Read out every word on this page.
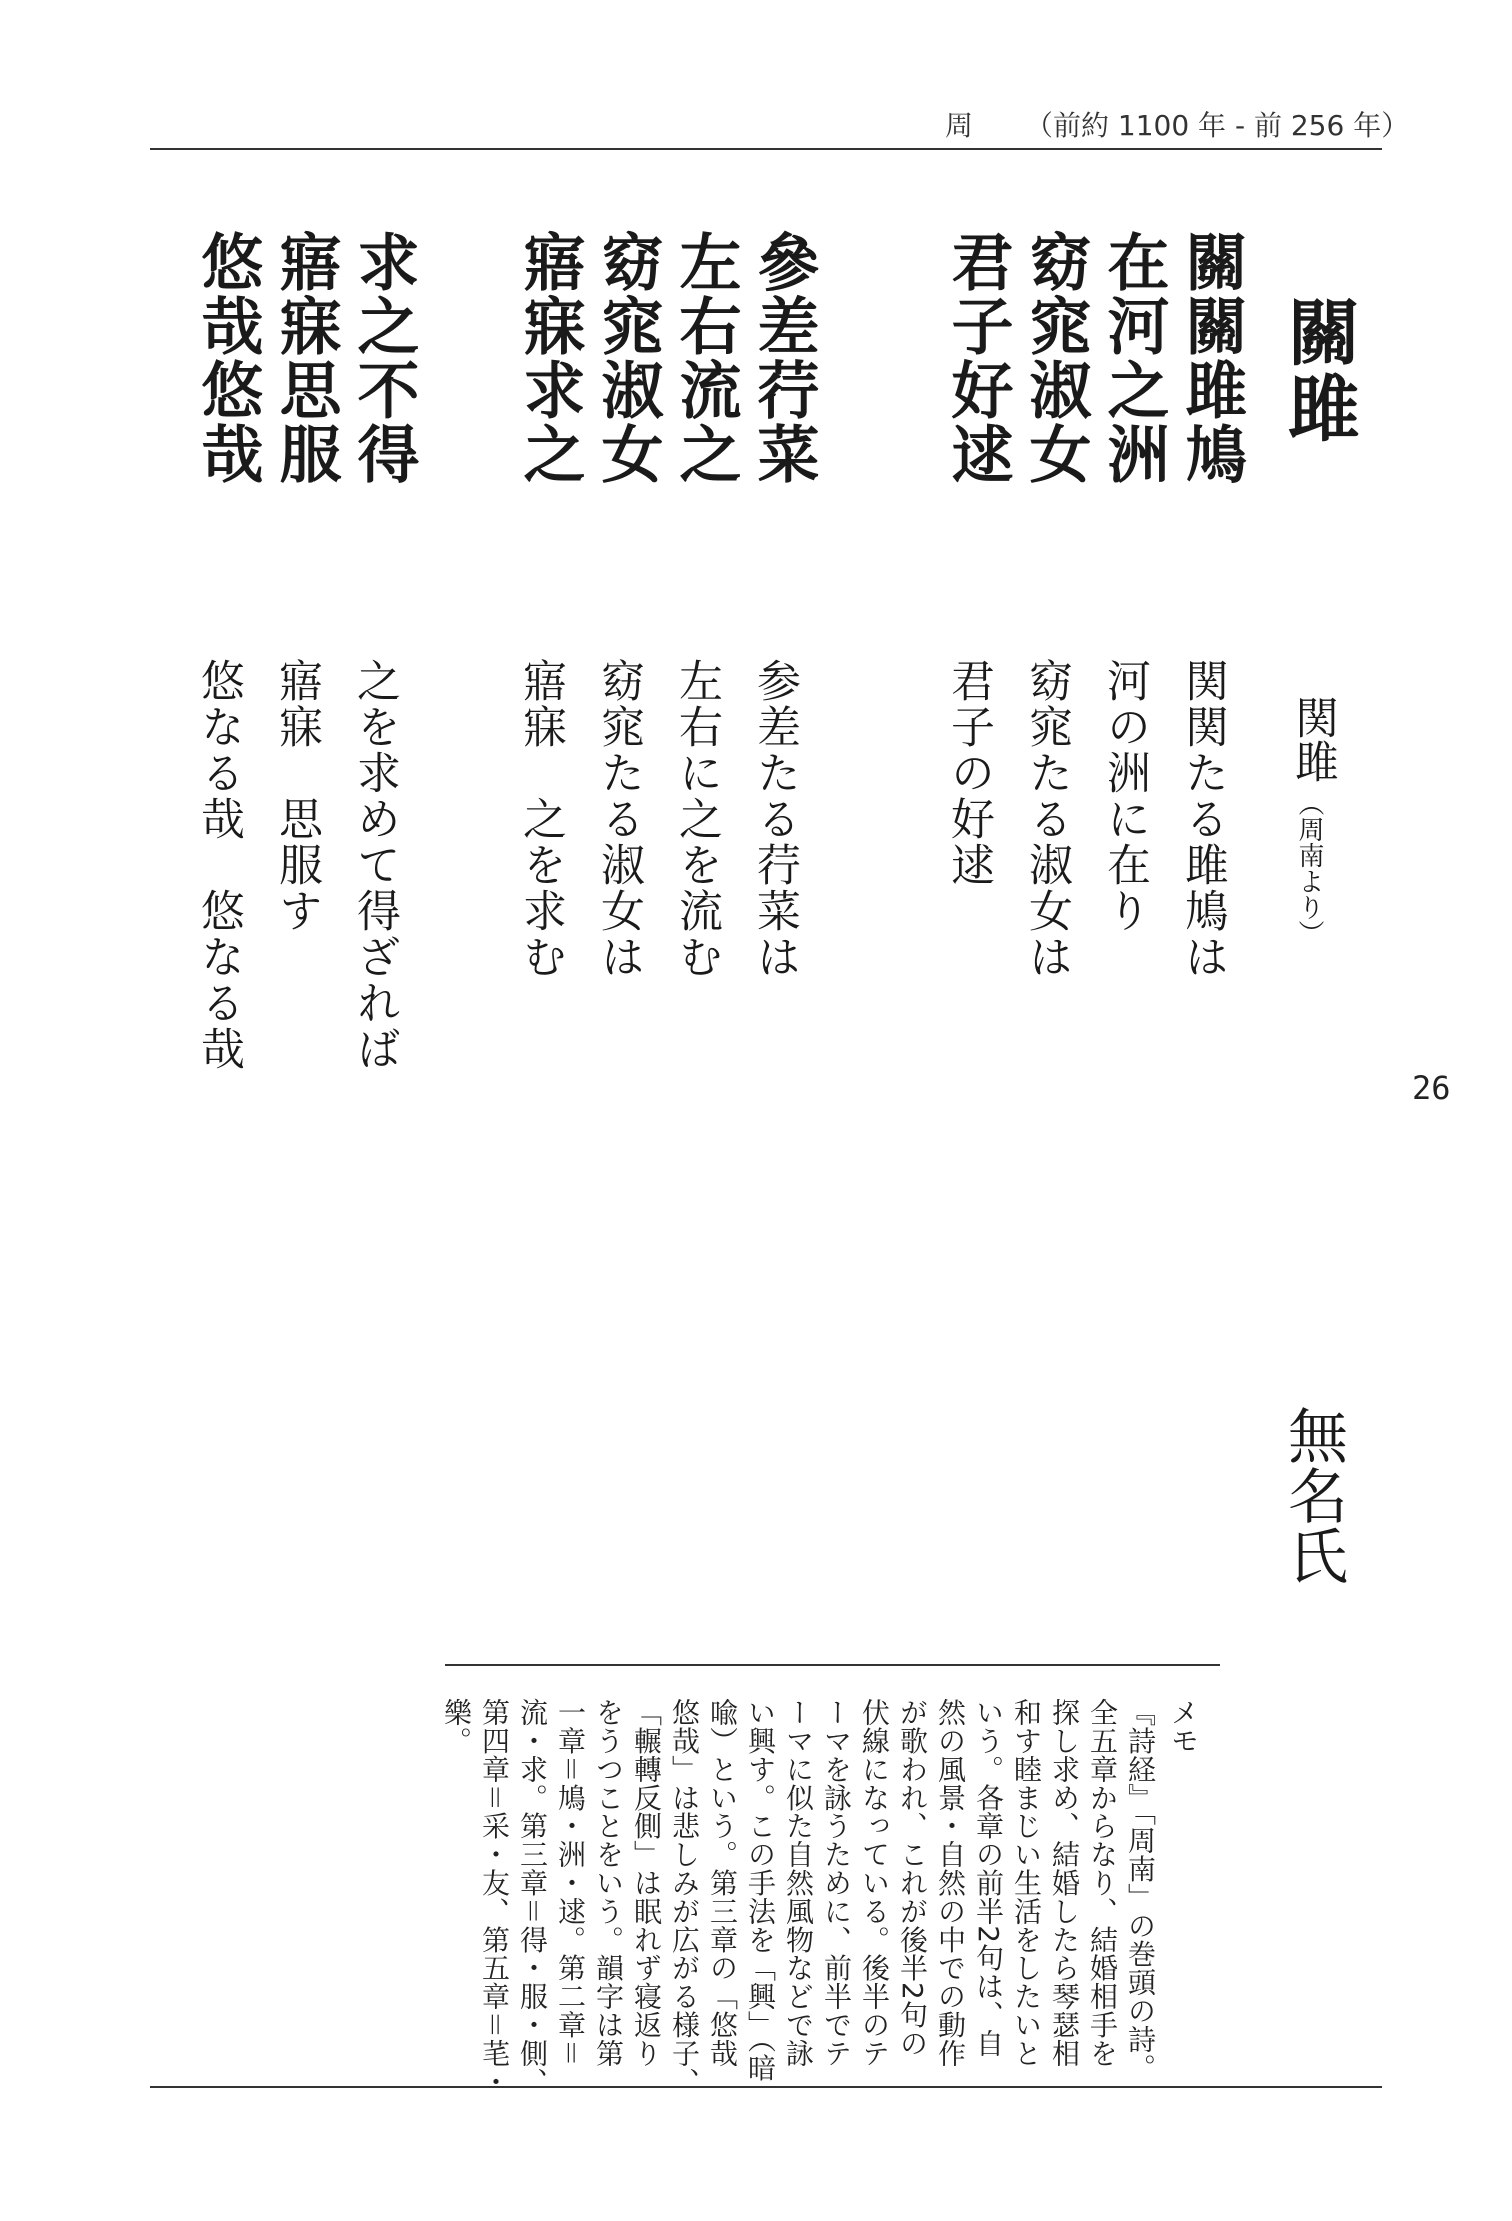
周 （前約 1100 年 - 前 256 年）
關雎
關關雎鳩
在河之洲
窈窕淑女
君子好逑
參差荇菜
左右流之
窈窕淑女
寤寐求之
求之不得
寤寐思服
悠哉悠哉
関雎
（周南より）
関関たる雎鳩は
河の洲に在り
窈窕たる淑女は
君子の好逑
参差たる荇菜は
左右に之を流む
窈窕たる淑女は
寤寐　之を求む
之を求めて得ざれば
寤寐　思服す
悠なる哉　悠なる哉
26
無名氏
メモ
『詩経』「周南」の巻頭の詩。
全五章からなり、結婚相手を
探し求め、結婚したら琴瑟相
和す睦まじい生活をしたいと
いう。各章の前半2句は、自
然の風景・自然の中での動作
が歌われ、これが後半2句の
伏線になっている。後半のテ
ーマを詠うために、前半でテ
ーマに似た自然風物などで詠
い興す。この手法を「興」（暗
喩）という。第三章の「悠哉
悠哉」は悲しみが広がる様子、
「輾轉反側」は眠れず寝返り
をうつことをいう。韻字は第
一章＝鳩・洲・逑。第二章＝
流・求。第三章＝得・服・側、
第四章＝采・友、第五章＝芼・
樂。
